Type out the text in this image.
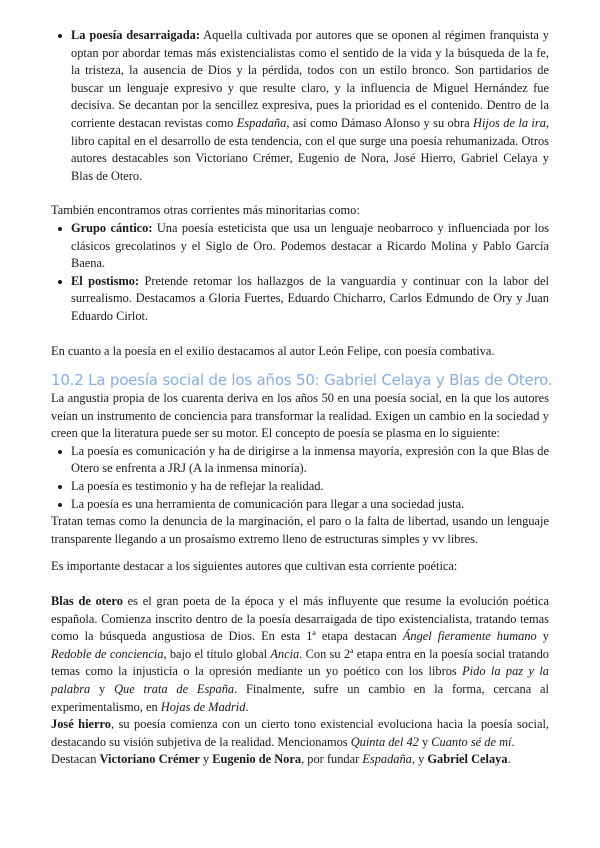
La poesía desarraigada: Aquella cultivada por autores que se oponen al régimen franquista y optan por abordar temas más existencialistas como el sentido de la vida y la búsqueda de la fe, la tristeza, la ausencia de Dios y la pérdida, todos con un estilo bronco. Son partidarios de buscar un lenguaje expresivo y que resulte claro, y la influencia de Miguel Hernández fue decisiva. Se decantan por la sencillez expresiva, pues la prioridad es el contenido. Dentro de la corriente destacan revistas como Espadaña, así como Dámaso Alonso y su obra Hijos de la ira, libro capital en el desarrollo de esta tendencia, con el que surge una poesía rehumanizada. Otros autores destacables son Victoriano Crémer, Eugenio de Nora, José Hierro, Gabriel Celaya y Blas de Otero.

También encontramos otras corrientes más minoritarias como:

Grupo cántico: Una poesía esteticista que usa un lenguaje neobarroco y influenciada por los clásicos grecolatinos y el Siglo de Oro. Podemos destacar a Ricardo Molina y Pablo García Baena.
El postismo: Pretende retomar los hallazgos de la vanguardia y continuar con la labor del surrealismo. Destacamos a Gloria Fuertes, Eduardo Chicharro, Carlos Edmundo de Ory y Juan Eduardo Cirlot.

En cuanto a la poesía en el exilio destacamos al autor León Felipe, con poesía combativa.

10.2 La poesía social de los años 50: Gabriel Celaya y Blas de Otero.

La angustia propia de los cuarenta deriva en los años 50 en una poesía social, en la que los autores veían un instrumento de conciencia para transformar la realidad. Exigen un cambio en la sociedad y creen que la literatura puede ser su motor. El concepto de poesía se plasma en lo siguiente:

La poesía es comunicación y ha de dirigirse a la inmensa mayoría, expresión con la que Blas de Otero se enfrenta a JRJ (A la inmensa minoría).
La poesía es testimonio y ha de reflejar la realidad.
La poesía es una herramienta de comunicación para llegar a una sociedad justa.

Tratan temas como la denuncia de la marginación, el paro o la falta de libertad, usando un lenguaje transparente llegando a un prosaísmo extremo lleno de estructuras simples y vv libres.

Es importante destacar a los siguientes autores que cultivan esta corriente poética:

Blas de otero es el gran poeta de la época y el más influyente que resume la evolución poética española. Comienza inscrito dentro de la poesía desarraigada de tipo existencialista, tratando temas como la búsqueda angustiosa de Dios. En esta 1ª etapa destacan Ángel fieramente humano y Redoble de conciencia, bajo el título global Ancia. Con su 2ª etapa entra en la poesía social tratando temas como la injusticia o la opresión mediante un yo poético con los libros Pido la paz y la palabra y Que trata de España. Finalmente, sufre un cambio en la forma, cercana al experimentalismo, en Hojas de Madrid.

José hierro, su poesía comienza con un cierto tono existencial evoluciona hacia la poesía social, destacando su visión subjetiva de la realidad. Mencionamos Quinta del 42 y Cuanto sé de mí.

Destacan Victoriano Crémer y Eugenio de Nora, por fundar Espadaña, y Gabriel Celaya.
